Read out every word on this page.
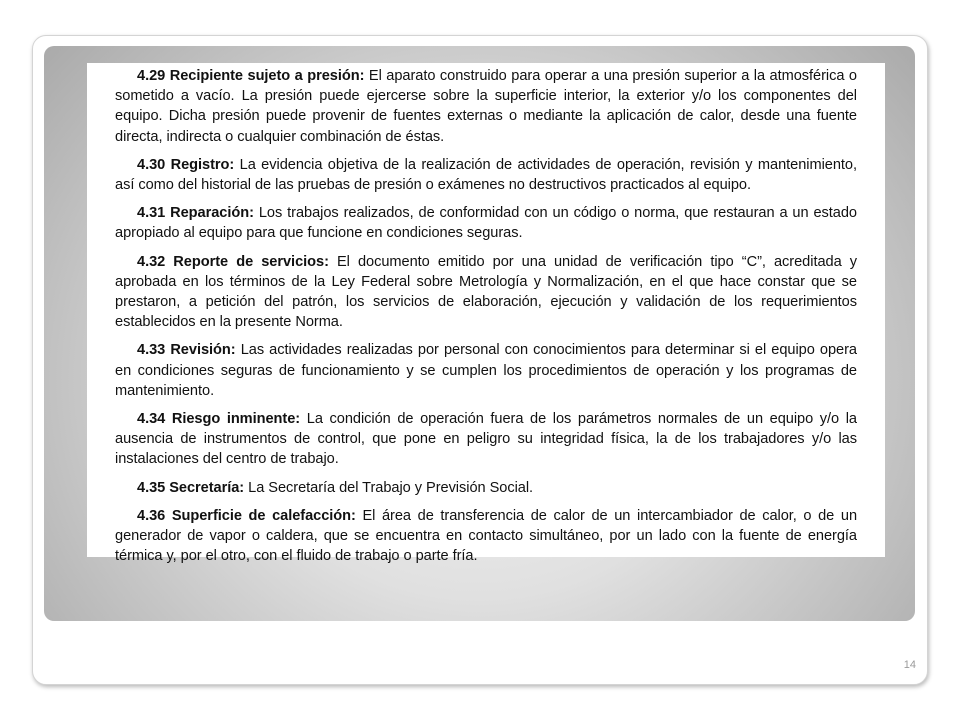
4.29 Recipiente sujeto a presión: El aparato construido para operar a una presión superior a la atmosférica o sometido a vacío. La presión puede ejercerse sobre la superficie interior, la exterior y/o los componentes del equipo. Dicha presión puede provenir de fuentes externas o mediante la aplicación de calor, desde una fuente directa, indirecta o cualquier combinación de éstas.

4.30 Registro: La evidencia objetiva de la realización de actividades de operación, revisión y mantenimiento, así como del historial de las pruebas de presión o exámenes no destructivos practicados al equipo.

4.31 Reparación: Los trabajos realizados, de conformidad con un código o norma, que restauran a un estado apropiado al equipo para que funcione en condiciones seguras.

4.32 Reporte de servicios: El documento emitido por una unidad de verificación tipo “C”, acreditada y aprobada en los términos de la Ley Federal sobre Metrología y Normalización, en el que hace constar que se prestaron, a petición del patrón, los servicios de elaboración, ejecución y validación de los requerimientos establecidos en la presente Norma.

4.33 Revisión: Las actividades realizadas por personal con conocimientos para determinar si el equipo opera en condiciones seguras de funcionamiento y se cumplen los procedimientos de operación y los programas de mantenimiento.

4.34 Riesgo inminente: La condición de operación fuera de los parámetros normales de un equipo y/o la ausencia de instrumentos de control, que pone en peligro su integridad física, la de los trabajadores y/o las instalaciones del centro de trabajo.

4.35 Secretaría: La Secretaría del Trabajo y Previsión Social.

4.36 Superficie de calefacción: El área de transferencia de calor de un intercambiador de calor, o de un generador de vapor o caldera, que se encuentra en contacto simultáneo, por un lado con la fuente de energía térmica y, por el otro, con el fluido de trabajo o parte fría.

14
